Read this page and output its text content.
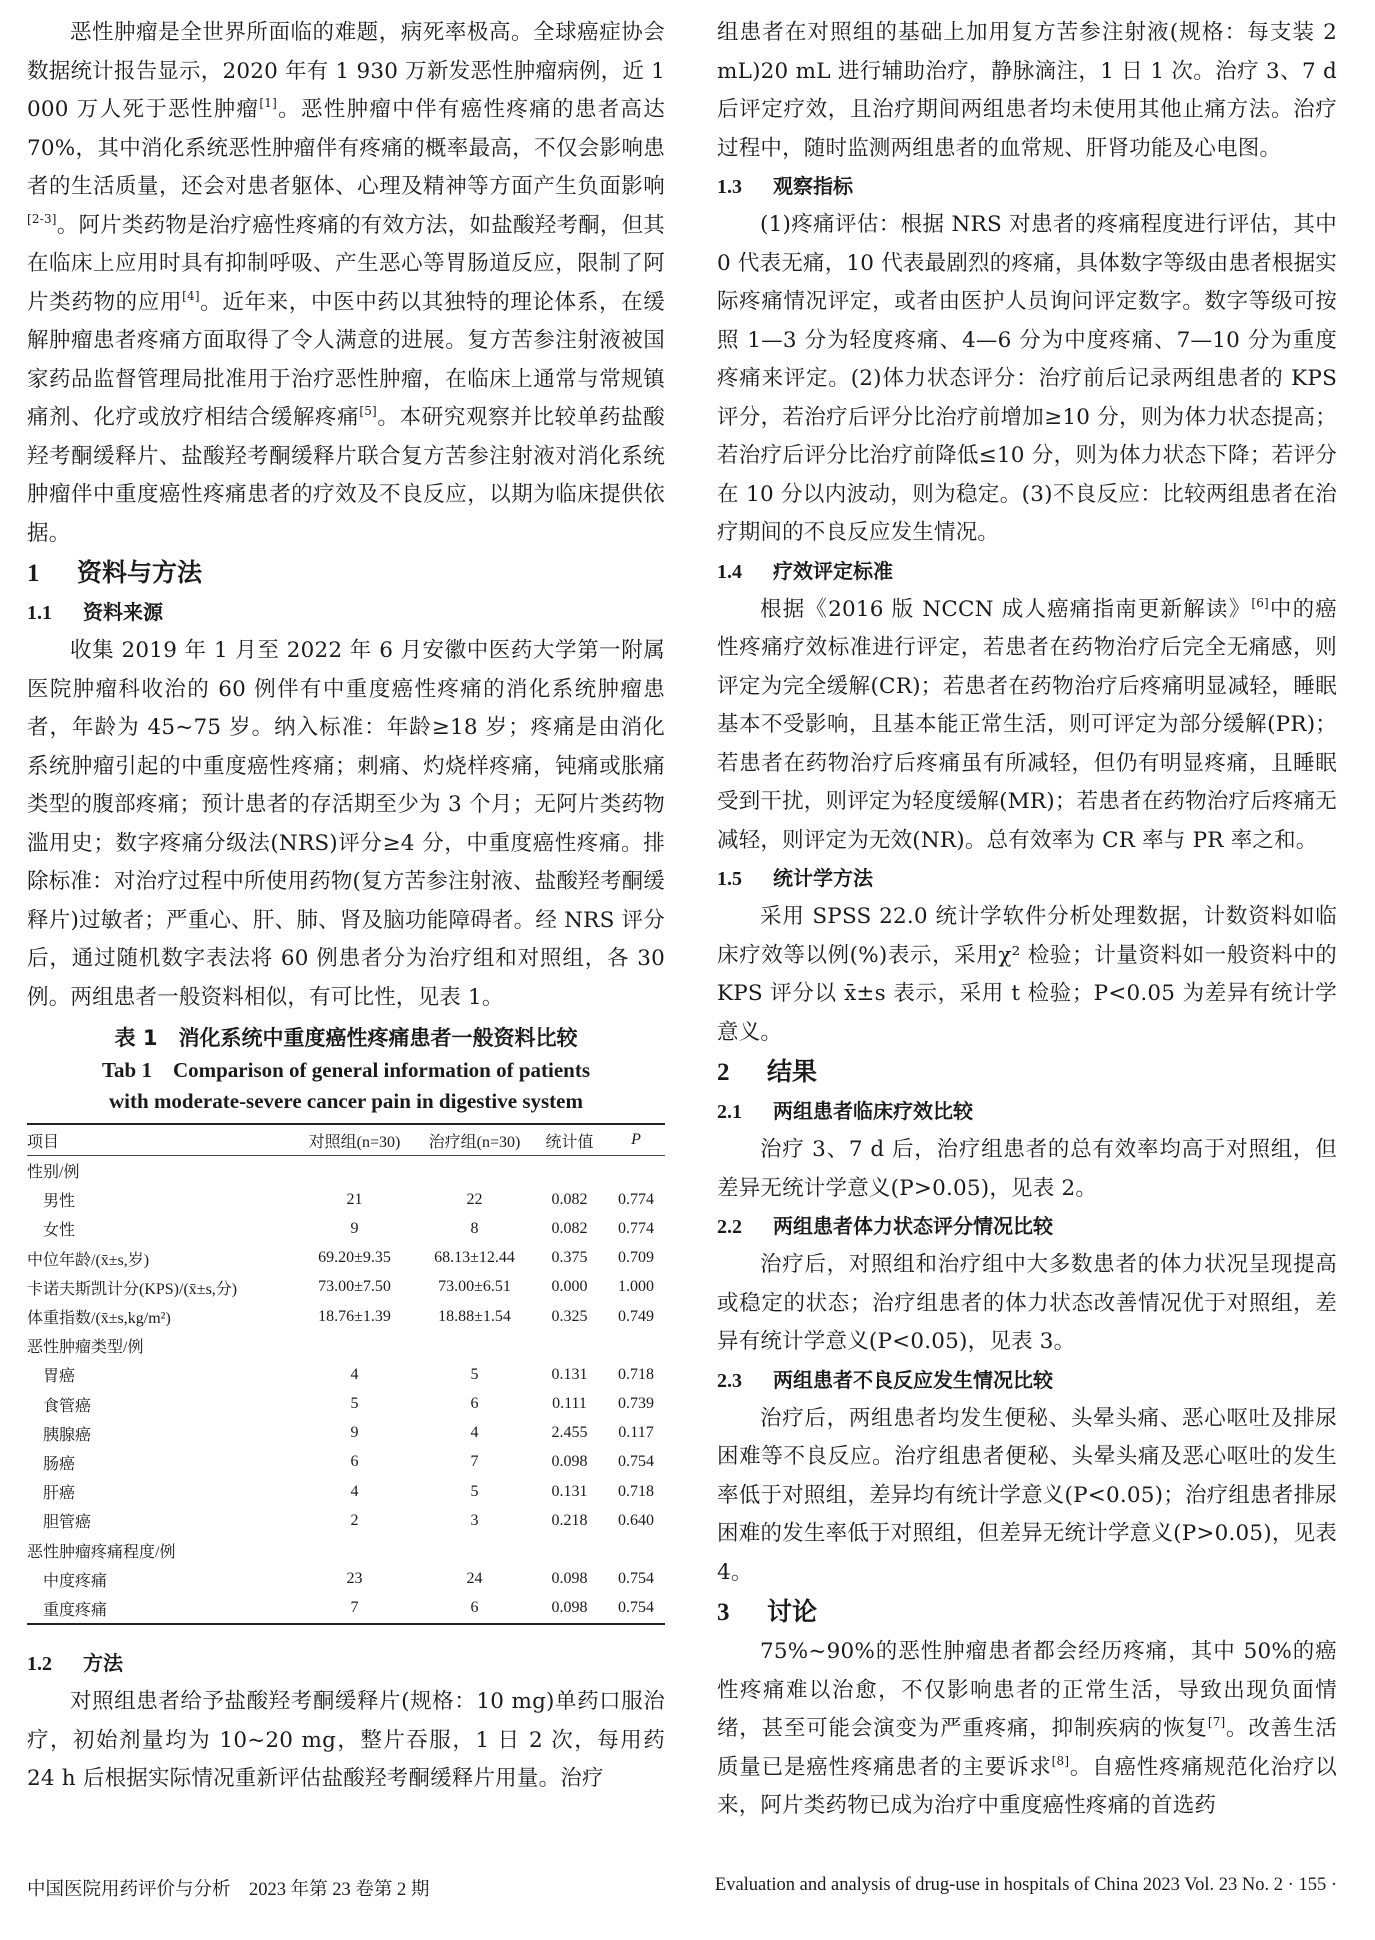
恶性肿瘤是全世界所面临的难题，病死率极高。全球癌症协会数据统计报告显示，2020 年有 1 930 万新发恶性肿瘤病例，近 1 000 万人死于恶性肿瘤[1]。恶性肿瘤中伴有癌性疼痛的患者高达 70%，其中消化系统恶性肿瘤伴有疼痛的概率最高，不仅会影响患者的生活质量，还会对患者躯体、心理及精神等方面产生负面影响[2-3]。阿片类药物是治疗癌性疼痛的有效方法，如盐酸羟考酮，但其在临床上应用时具有抑制呼吸、产生恶心等胃肠道反应，限制了阿片类药物的应用[4]。近年来，中医中药以其独特的理论体系，在缓解肿瘤患者疼痛方面取得了令人满意的进展。复方苦参注射液被国家药品监督管理局批准用于治疗恶性肿瘤，在临床上通常与常规镇痛剂、化疗或放疗相结合缓解疼痛[5]。本研究观察并比较单药盐酸羟考酮缓释片、盐酸羟考酮缓释片联合复方苦参注射液对消化系统肿瘤伴中重度癌性疼痛患者的疗效及不良反应，以期为临床提供依据。

1 资料与方法
1.1 资料来源

收集 2019 年 1 月至 2022 年 6 月安徽中医药大学第一附属医院肿瘤科收治的 60 例伴有中重度癌性疼痛的消化系统肿瘤患者，年龄为 45~75 岁。纳入标准：年龄≥18 岁；疼痛是由消化系统肿瘤引起的中重度癌性疼痛；刺痛、灼烧样疼痛，钝痛或胀痛类型的腹部疼痛；预计患者的存活期至少为 3 个月；无阿片类药物滥用史；数字疼痛分级法(NRS)评分≥4 分，中重度癌性疼痛。排除标准：对治疗过程中所使用药物(复方苦参注射液、盐酸羟考酮缓释片)过敏者；严重心、肝、肺、肾及脑功能障碍者。经 NRS 评分后，通过随机数字表法将 60 例患者分为治疗组和对照组，各 30 例。两组患者一般资料相似，有可比性，见表 1。

表 1　消化系统中重度癌性疼痛患者一般资料比较

Tab 1　Comparison of general information of patients

with moderate-severe cancer pain in digestive system

项目	对照组(n=30)	治疗组(n=30)	统计值	P
性别/例				
男性	21	22	0.082	0.774
女性	9	8	0.082	0.774
中位年龄/(x̄±s,岁)	69.20±9.35	68.13±12.44	0.375	0.709
卡诺夫斯凯计分(KPS)/(x̄±s,分)	73.00±7.50	73.00±6.51	0.000	1.000
体重指数/(x̄±s,kg/m²)	18.76±1.39	18.88±1.54	0.325	0.749
恶性肿瘤类型/例				
胃癌	4	5	0.131	0.718
食管癌	5	6	0.111	0.739
胰腺癌	9	4	2.455	0.117
肠癌	6	7	0.098	0.754
肝癌	4	5	0.131	0.718
胆管癌	2	3	0.218	0.640
恶性肿瘤疼痛程度/例				
中度疼痛	23	24	0.098	0.754
重度疼痛	7	6	0.098	0.754
1.2 方法

对照组患者给予盐酸羟考酮缓释片(规格：10 mg)单药口服治疗，初始剂量均为 10~20 mg，整片吞服，1 日 2 次，每用药 24 h 后根据实际情况重新评估盐酸羟考酮缓释片用量。治疗

组患者在对照组的基础上加用复方苦参注射液(规格：每支装 2 mL)20 mL 进行辅助治疗，静脉滴注，1 日 1 次。治疗 3、7 d 后评定疗效，且治疗期间两组患者均未使用其他止痛方法。治疗过程中，随时监测两组患者的血常规、肝肾功能及心电图。

1.3 观察指标

(1)疼痛评估：根据 NRS 对患者的疼痛程度进行评估，其中 0 代表无痛，10 代表最剧烈的疼痛，具体数字等级由患者根据实际疼痛情况评定，或者由医护人员询问评定数字。数字等级可按照 1—3 分为轻度疼痛、4—6 分为中度疼痛、7—10 分为重度疼痛来评定。(2)体力状态评分：治疗前后记录两组患者的 KPS 评分，若治疗后评分比治疗前增加≥10 分，则为体力状态提高；若治疗后评分比治疗前降低≤10 分，则为体力状态下降；若评分在 10 分以内波动，则为稳定。(3)不良反应：比较两组患者在治疗期间的不良反应发生情况。

1.4 疗效评定标准

根据《2016 版 NCCN 成人癌痛指南更新解读》[6]中的癌性疼痛疗效标准进行评定，若患者在药物治疗后完全无痛感，则评定为完全缓解(CR)；若患者在药物治疗后疼痛明显减轻，睡眠基本不受影响，且基本能正常生活，则可评定为部分缓解(PR)；若患者在药物治疗后疼痛虽有所减轻，但仍有明显疼痛，且睡眠受到干扰，则评定为轻度缓解(MR)；若患者在药物治疗后疼痛无减轻，则评定为无效(NR)。总有效率为 CR 率与 PR 率之和。

1.5 统计学方法

采用 SPSS 22.0 统计学软件分析处理数据，计数资料如临床疗效等以例(%)表示，采用χ² 检验；计量资料如一般资料中的 KPS 评分以 x̄±s 表示，采用 t 检验；P<0.05 为差异有统计学意义。

2 结果
2.1 两组患者临床疗效比较

治疗 3、7 d 后，治疗组患者的总有效率均高于对照组，但差异无统计学意义(P>0.05)，见表 2。

2.2 两组患者体力状态评分情况比较

治疗后，对照组和治疗组中大多数患者的体力状况呈现提高或稳定的状态；治疗组患者的体力状态改善情况优于对照组，差异有统计学意义(P<0.05)，见表 3。

2.3 两组患者不良反应发生情况比较

治疗后，两组患者均发生便秘、头晕头痛、恶心呕吐及排尿困难等不良反应。治疗组患者便秘、头晕头痛及恶心呕吐的发生率低于对照组，差异均有统计学意义(P<0.05)；治疗组患者排尿困难的发生率低于对照组，但差异无统计学意义(P>0.05)，见表 4。

3 讨论

75%~90%的恶性肿瘤患者都会经历疼痛，其中 50%的癌性疼痛难以治愈，不仅影响患者的正常生活，导致出现负面情绪，甚至可能会演变为严重疼痛，抑制疾病的恢复[7]。改善生活质量已是癌性疼痛患者的主要诉求[8]。自癌性疼痛规范化治疗以来，阿片类药物已成为治疗中重度癌性疼痛的首选药

中国医院用药评价与分析　2023 年第 23 卷第 2 期	Evaluation and analysis of drug-use in hospitals of China 2023 Vol. 23 No. 2 · 155 ·
